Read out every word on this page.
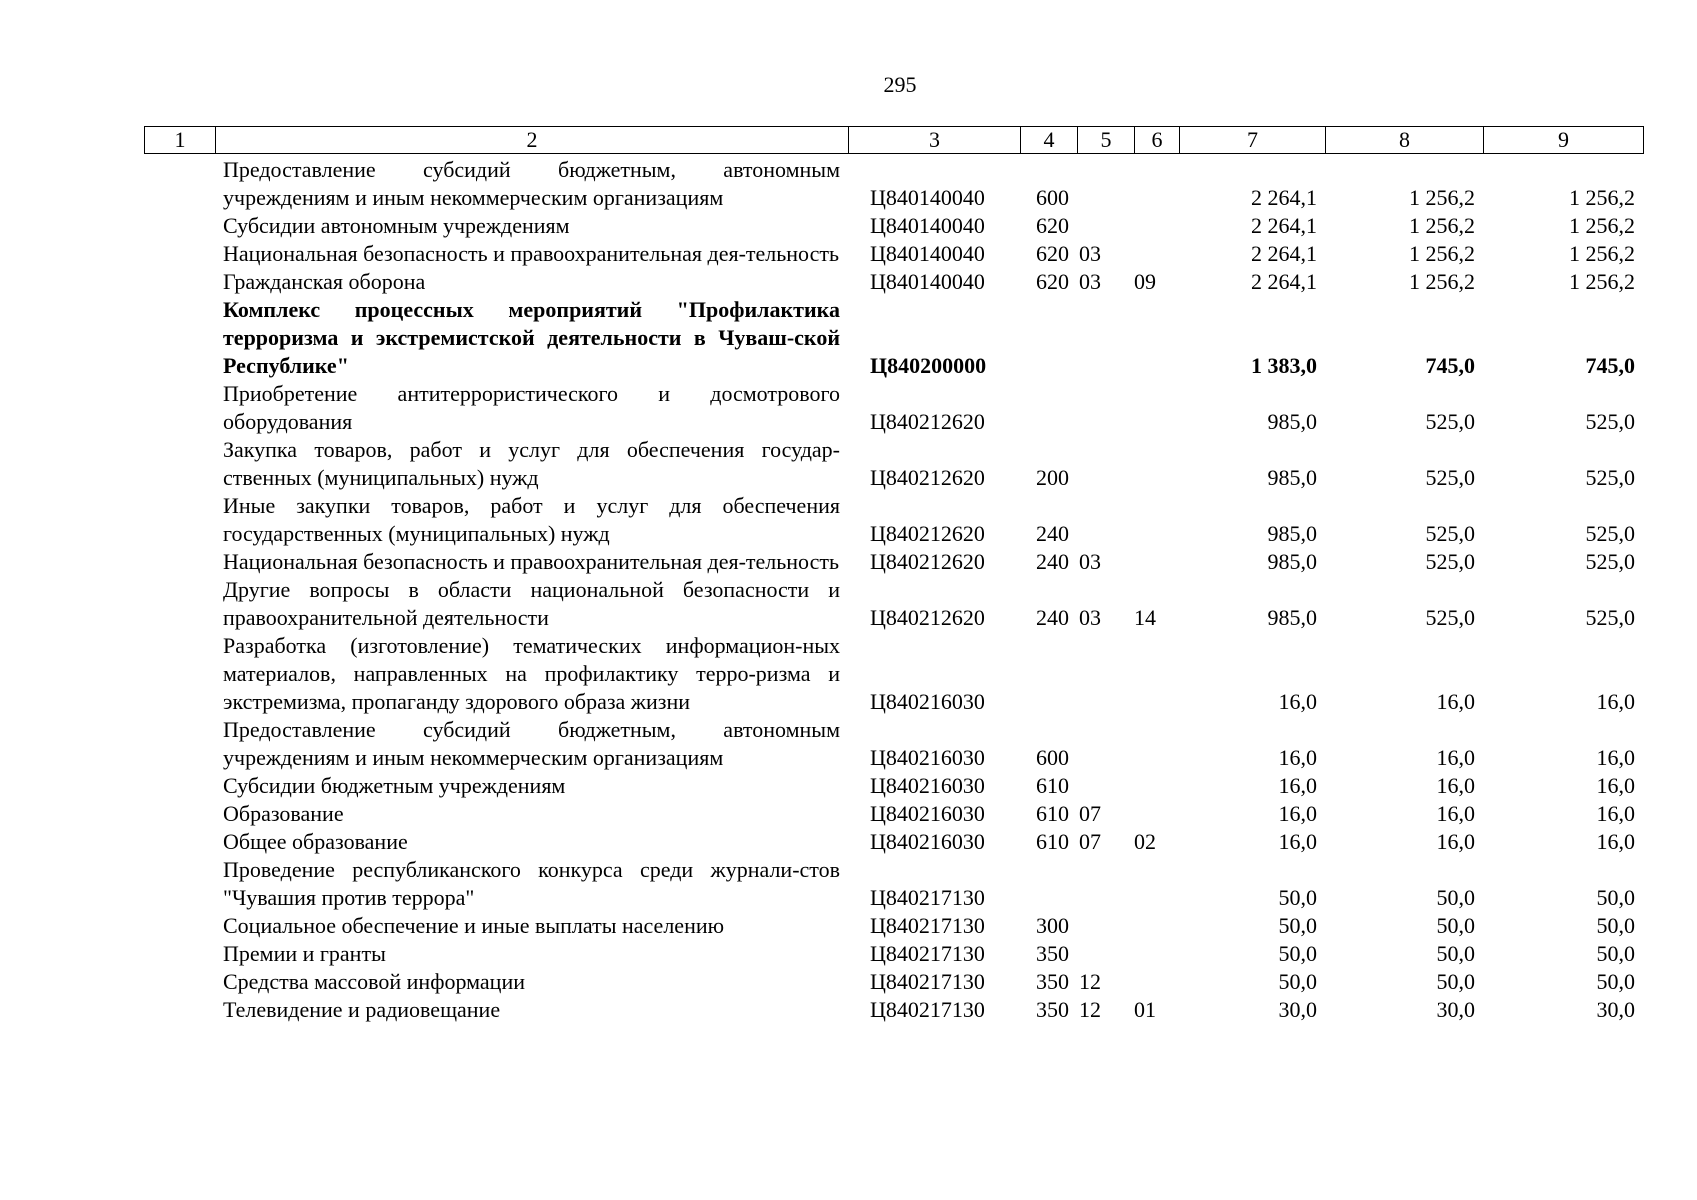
295
1	2	3	4	5	6	7	8	9
	Предоставление субсидий бюджетным, автономным учреждениям и иным некоммерческим организациям	Ц840140040	600			2 264,1	1 256,2	1 256,2
	Субсидии автономным учреждениям	Ц840140040	620			2 264,1	1 256,2	1 256,2
	Национальная безопасность и правоохранительная дея-тельность	Ц840140040	620	03		2 264,1	1 256,2	1 256,2
	Гражданская оборона	Ц840140040	620	03	09	2 264,1	1 256,2	1 256,2
	Комплекс процессных мероприятий "Профилактика терроризма и экстремистской деятельности в Чуваш-ской Республике"	Ц840200000				1 383,0	745,0	745,0
	Приобретение антитеррористического и досмотрового оборудования	Ц840212620				985,0	525,0	525,0
	Закупка товаров, работ и услуг для обеспечения государ-ственных (муниципальных) нужд	Ц840212620	200			985,0	525,0	525,0
	Иные закупки товаров, работ и услуг для обеспечения государственных (муниципальных) нужд	Ц840212620	240			985,0	525,0	525,0
	Национальная безопасность и правоохранительная дея-тельность	Ц840212620	240	03		985,0	525,0	525,0
	Другие вопросы в области национальной безопасности и правоохранительной деятельности	Ц840212620	240	03	14	985,0	525,0	525,0
	Разработка (изготовление) тематических информацион-ных материалов, направленных на профилактику терро-ризма и экстремизма, пропаганду здорового образа жизни	Ц840216030				16,0	16,0	16,0
	Предоставление субсидий бюджетным, автономным учреждениям и иным некоммерческим организациям	Ц840216030	600			16,0	16,0	16,0
	Субсидии бюджетным учреждениям	Ц840216030	610			16,0	16,0	16,0
	Образование	Ц840216030	610	07		16,0	16,0	16,0
	Общее образование	Ц840216030	610	07	02	16,0	16,0	16,0
	Проведение республиканского конкурса среди журнали-стов "Чувашия против террора"	Ц840217130				50,0	50,0	50,0
	Социальное обеспечение и иные выплаты населению	Ц840217130	300			50,0	50,0	50,0
	Премии и гранты	Ц840217130	350			50,0	50,0	50,0
	Средства массовой информации	Ц840217130	350	12		50,0	50,0	50,0
	Телевидение и радиовещание	Ц840217130	350	12	01	30,0	30,0	30,0
